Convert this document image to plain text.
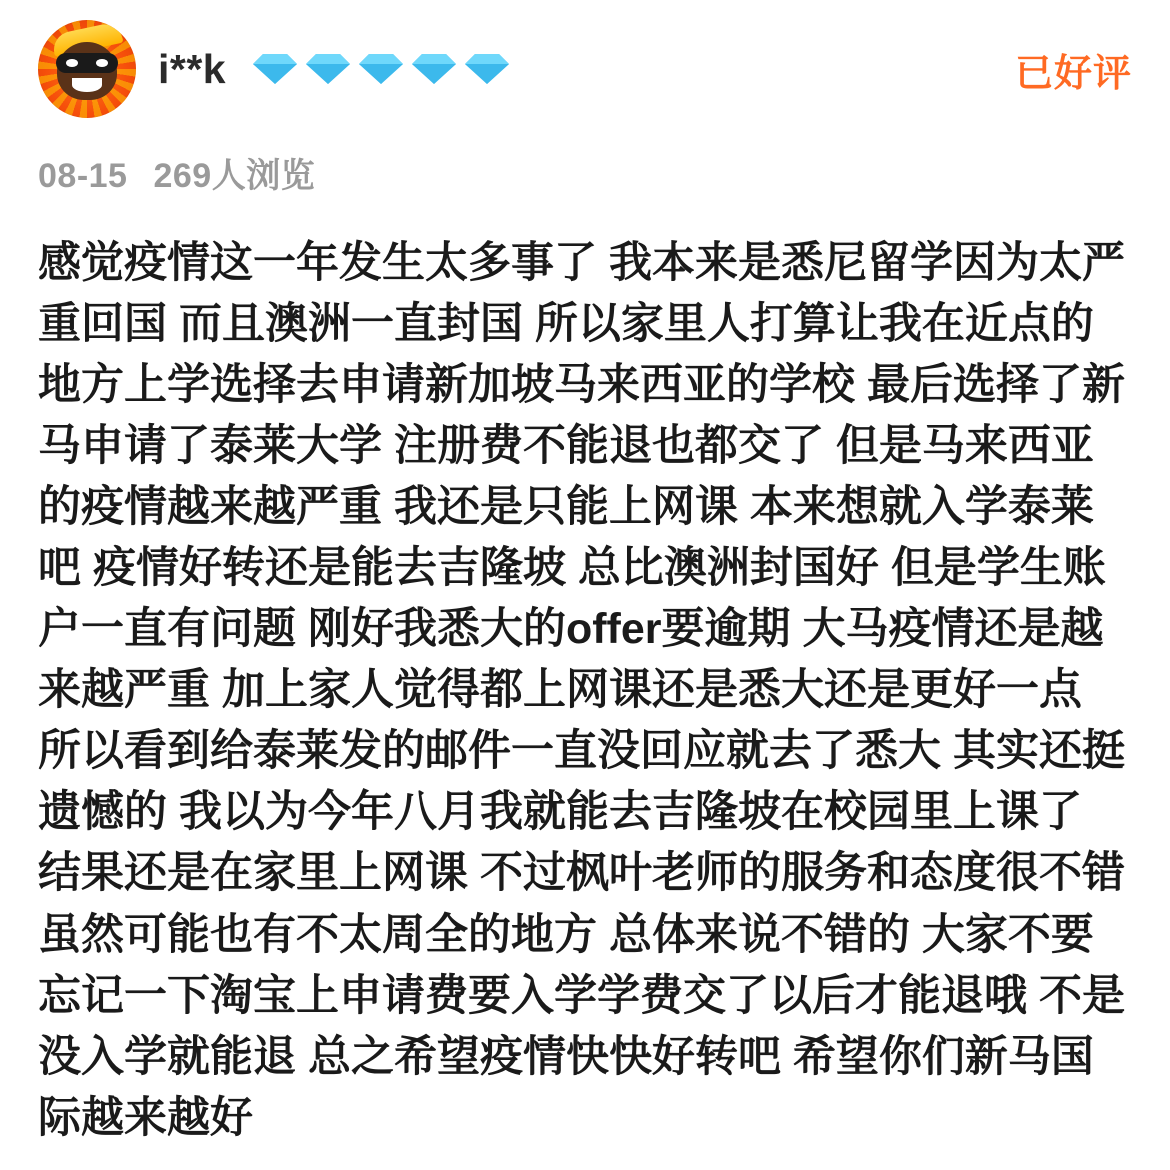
i**k	已好评
08-15 269人浏览
感觉疫情这一年发生太多事了 我本来是悉尼留学因为太严重回国 而且澳洲一直封国 所以家里人打算让我在近点的地方上学选择去申请新加坡马来西亚的学校 最后选择了新马申请了泰莱大学 注册费不能退也都交了 但是马来西亚的疫情越来越严重 我还是只能上网课 本来想就入学泰莱吧 疫情好转还是能去吉隆坡 总比澳洲封国好 但是学生账户一直有问题 刚好我悉大的offer要逾期 大马疫情还是越来越严重 加上家人觉得都上网课还是悉大还是更好一点 所以看到给泰莱发的邮件一直没回应就去了悉大 其实还挺遗憾的 我以为今年八月我就能去吉隆坡在校园里上课了 结果还是在家里上网课 不过枫叶老师的服务和态度很不错 虽然可能也有不太周全的地方 总体来说不错的 大家不要忘记一下淘宝上申请费要入学学费交了以后才能退哦 不是没入学就能退 总之希望疫情快快好转吧 希望你们新马国际越来越好
